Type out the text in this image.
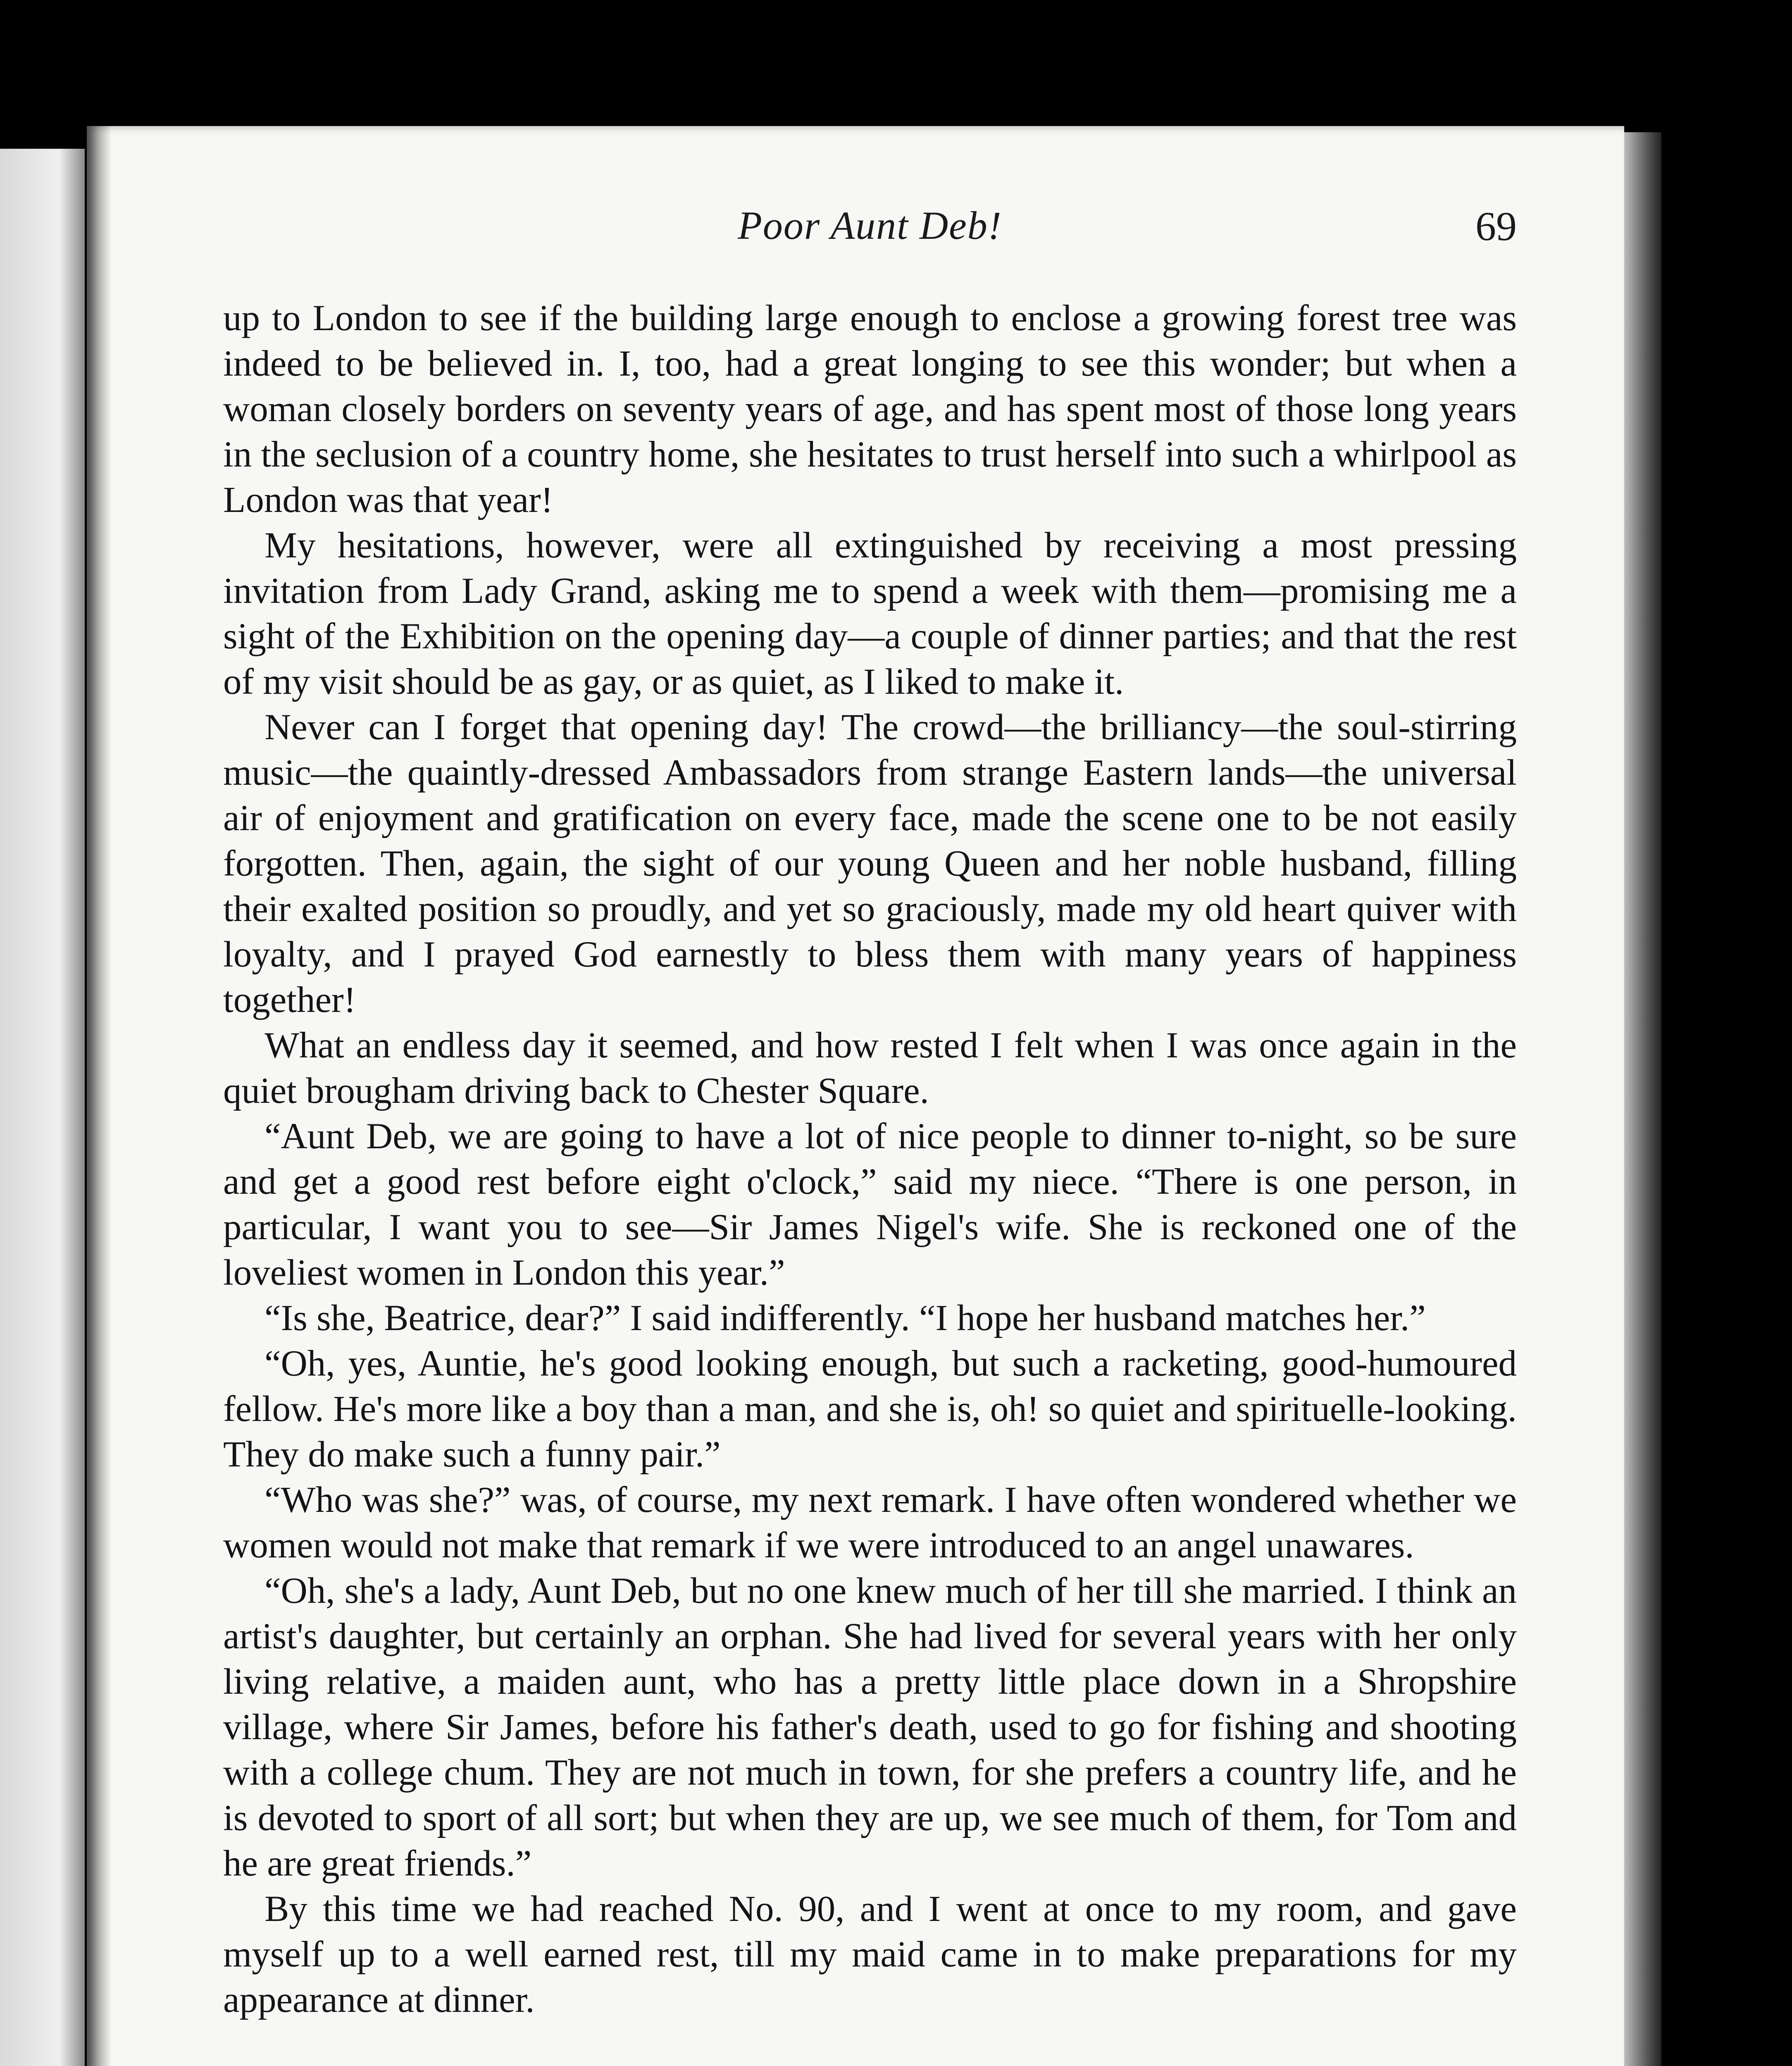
Poor Aunt Deb!	69

up to London to see if the building large enough to enclose a growing forest tree was indeed to be believed in. I, too, had a great longing to see this wonder; but when a woman closely borders on seventy years of age, and has spent most of those long years in the seclusion of a country home, she hesitates to trust herself into such a whirlpool as London was that year!

My hesitations, however, were all extinguished by receiving a most pressing invitation from Lady Grand, asking me to spend a week with them—promising me a sight of the Exhibition on the opening day—a couple of dinner parties; and that the rest of my visit should be as gay, or as quiet, as I liked to make it.

Never can I forget that opening day! The crowd—the brilliancy—the soul-stirring music—the quaintly-dressed Ambassadors from strange Eastern lands—the universal air of enjoyment and gratification on every face, made the scene one to be not easily forgotten. Then, again, the sight of our young Queen and her noble husband, filling their exalted position so proudly, and yet so graciously, made my old heart quiver with loyalty, and I prayed God earnestly to bless them with many years of happiness together!

What an endless day it seemed, and how rested I felt when I was once again in the quiet brougham driving back to Chester Square.

“Aunt Deb, we are going to have a lot of nice people to dinner to-night, so be sure and get a good rest before eight o'clock,” said my niece. “There is one person, in particular, I want you to see—Sir James Nigel's wife. She is reckoned one of the loveliest women in London this year.”

“Is she, Beatrice, dear?” I said indifferently. “I hope her husband matches her.”

“Oh, yes, Auntie, he's good looking enough, but such a racketing, good-humoured fellow. He's more like a boy than a man, and she is, oh! so quiet and spirituelle-looking. They do make such a funny pair.”

“Who was she?” was, of course, my next remark. I have often wondered whether we women would not make that remark if we were introduced to an angel unawares.

“Oh, she's a lady, Aunt Deb, but no one knew much of her till she married. I think an artist's daughter, but certainly an orphan. She had lived for several years with her only living relative, a maiden aunt, who has a pretty little place down in a Shropshire village, where Sir James, before his father's death, used to go for fishing and shooting with a college chum. They are not much in town, for she prefers a country life, and he is devoted to sport of all sort; but when they are up, we see much of them, for Tom and he are great friends.”

By this time we had reached No. 90, and I went at once to my room, and gave myself up to a well earned rest, till my maid came in to make preparations for my appearance at dinner.
